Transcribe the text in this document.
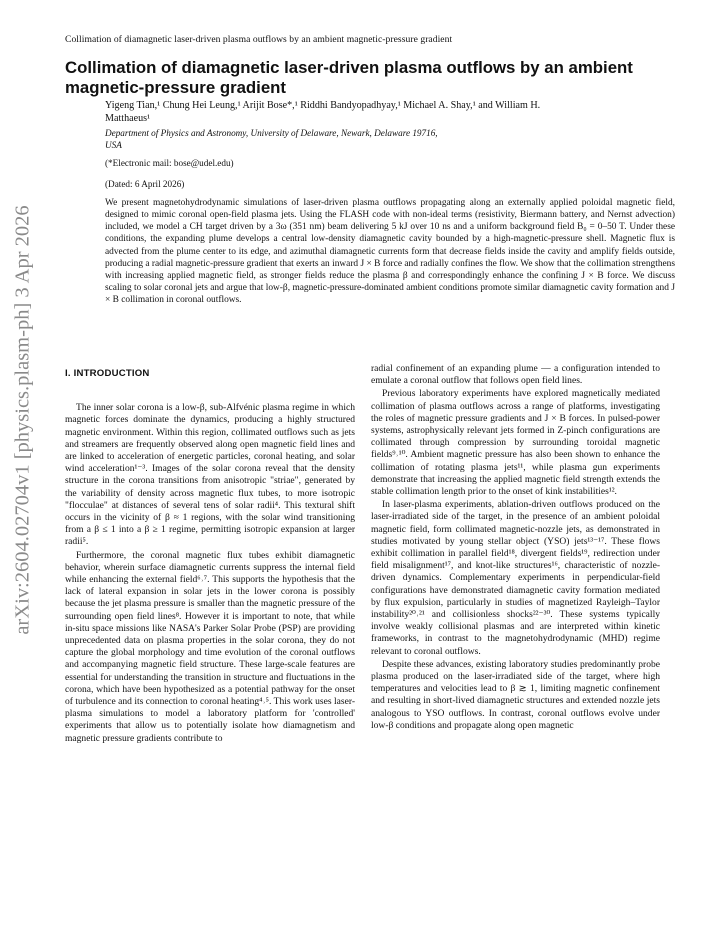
Collimation of diamagnetic laser-driven plasma outflows by an ambient magnetic-pressure gradient
arXiv:2604.02704v1 [physics.plasm-ph] 3 Apr 2026
Collimation of diamagnetic laser-driven plasma outflows by an ambient
magnetic-pressure gradient
Yigeng Tian,¹ Chung Hei Leung,¹ Arijit Bose*,¹ Riddhi Bandyopadhyay,¹ Michael A. Shay,¹ and William H.
Matthaeus¹
Department of Physics and Astronomy, University of Delaware, Newark, Delaware 19716,
USA
(*Electronic mail: bose@udel.edu)
(Dated: 6 April 2026)

We present magnetohydrodynamic simulations of laser-driven plasma outflows propagating along an externally applied poloidal magnetic field, designed to mimic coronal open-field plasma jets. Using the FLASH code with non-ideal terms (resistivity, Biermann battery, and Nernst advection) included, we model a CH target driven by a 3ω (351 nm) beam delivering 5 kJ over 10 ns and a uniform background field B₀ = 0–50 T. Under these conditions, the expanding plume develops a central low-density diamagnetic cavity bounded by a high-magnetic-pressure shell. Magnetic flux is advected from the plume center to its edge, and azimuthal diamagnetic currents form that decrease fields inside the cavity and amplify fields outside, producing a radial magnetic-pressure gradient that exerts an inward J × B force and radially confines the flow. We show that the collimation strengthens with increasing applied magnetic field, as stronger fields reduce the plasma β and correspondingly enhance the confining J × B force. We discuss scaling to solar coronal jets and argue that low-β, magnetic-pressure-dominated ambient conditions promote similar diamagnetic cavity formation and J × B collimation in coronal outflows.

I. INTRODUCTION

The inner solar corona is a low-β, sub-Alfvénic plasma regime in which magnetic forces dominate the dynamics, producing a highly structured magnetic environment. Within this region, collimated outflows such as jets and streamers are frequently observed along open magnetic field lines and are linked to acceleration of energetic particles, coronal heating, and solar wind acceleration¹⁻³. Images of the solar corona reveal that the density structure in the corona transitions from anisotropic "striae", generated by the variability of density across magnetic flux tubes, to more isotropic "flocculae" at distances of several tens of solar radii⁴. This textural shift occurs in the vicinity of β ≈ 1 regions, with the solar wind transitioning from a β ≤ 1 into a β ≥ 1 regime, permitting isotropic expansion at larger radii⁵.

Furthermore, the coronal magnetic flux tubes exhibit diamagnetic behavior, wherein surface diamagnetic currents suppress the internal field while enhancing the external field⁶˒⁷. This supports the hypothesis that the lack of lateral expansion in solar jets in the lower corona is possibly because the jet plasma pressure is smaller than the magnetic pressure of the surrounding open field lines⁸. However it is important to note, that while in-situ space missions like NASA's Parker Solar Probe (PSP) are providing unprecedented data on plasma properties in the solar corona, they do not capture the global morphology and time evolution of the coronal outflows and accompanying magnetic field structure. These large-scale features are essential for understanding the transition in structure and fluctuations in the corona, which have been hypothesized as a potential pathway for the onset of turbulence and its connection to coronal heating⁴˒⁵. This work uses laser-plasma simulations to model a laboratory platform for 'controlled' experiments that allow us to potentially isolate how diamagnetism and magnetic pressure gradients contribute to

radial confinement of an expanding plume — a configuration intended to emulate a coronal outflow that follows open field lines.

Previous laboratory experiments have explored magnetically mediated collimation of plasma outflows across a range of platforms, investigating the roles of magnetic pressure gradients and J × B forces. In pulsed-power systems, astrophysically relevant jets formed in Z-pinch configurations are collimated through compression by surrounding toroidal magnetic fields⁹˒¹⁰. Ambient magnetic pressure has also been shown to enhance the collimation of rotating plasma jets¹¹, while plasma gun experiments demonstrate that increasing the applied magnetic field strength extends the stable collimation length prior to the onset of kink instabilities¹².

In laser-plasma experiments, ablation-driven outflows produced on the laser-irradiated side of the target, in the presence of an ambient poloidal magnetic field, form collimated magnetic-nozzle jets, as demonstrated in studies motivated by young stellar object (YSO) jets¹³⁻¹⁷. These flows exhibit collimation in parallel field¹⁸, divergent fields¹⁹, redirection under field misalignment¹⁷, and knot-like structures¹⁶, characteristic of nozzle-driven dynamics. Complementary experiments in perpendicular-field configurations have demonstrated diamagnetic cavity formation mediated by flux expulsion, particularly in studies of magnetized Rayleigh–Taylor instability²⁰˒²¹ and collisionless shocks²²⁻³⁰. These systems typically involve weakly collisional plasmas and are interpreted within kinetic frameworks, in contrast to the magnetohydrodynamic (MHD) regime relevant to coronal outflows.

Despite these advances, existing laboratory studies predominantly probe plasma produced on the laser-irradiated side of the target, where high temperatures and velocities lead to β ≳ 1, limiting magnetic confinement and resulting in short-lived diamagnetic structures and extended nozzle jets analogous to YSO outflows. In contrast, coronal outflows evolve under low-β conditions and propagate along open magnetic
